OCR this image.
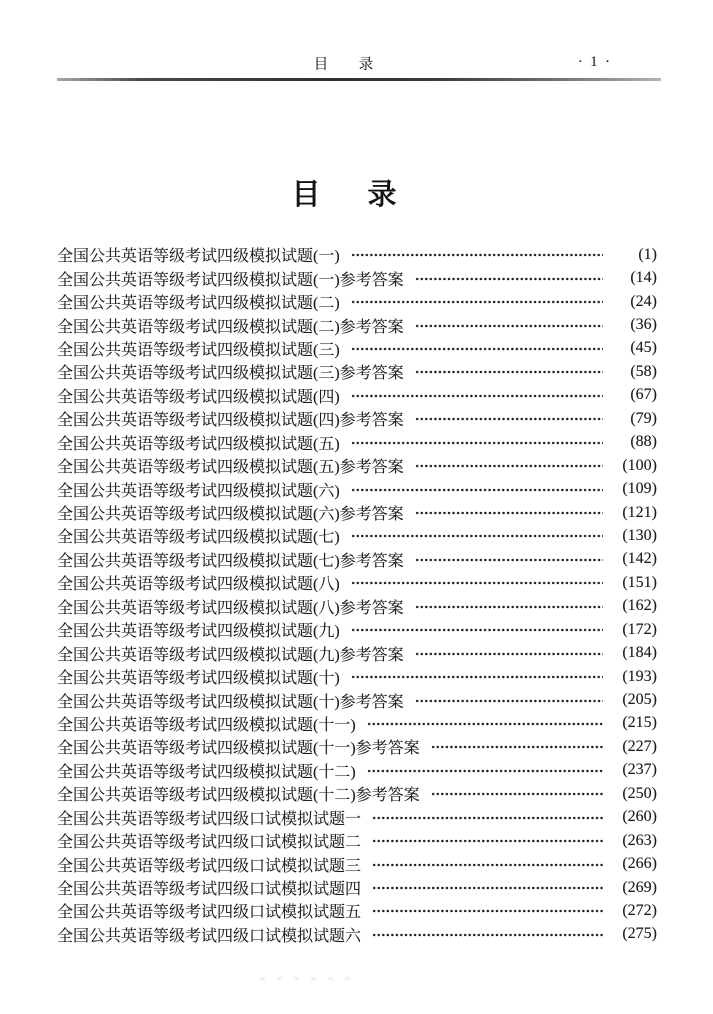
目　录	· 1 ·
目　录
全国公共英语等级考试四级模拟试题(一)	(1)
全国公共英语等级考试四级模拟试题(一)参考答案	(14)
全国公共英语等级考试四级模拟试题(二)	(24)
全国公共英语等级考试四级模拟试题(二)参考答案	(36)
全国公共英语等级考试四级模拟试题(三)	(45)
全国公共英语等级考试四级模拟试题(三)参考答案	(58)
全国公共英语等级考试四级模拟试题(四)	(67)
全国公共英语等级考试四级模拟试题(四)参考答案	(79)
全国公共英语等级考试四级模拟试题(五)	(88)
全国公共英语等级考试四级模拟试题(五)参考答案	(100)
全国公共英语等级考试四级模拟试题(六)	(109)
全国公共英语等级考试四级模拟试题(六)参考答案	(121)
全国公共英语等级考试四级模拟试题(七)	(130)
全国公共英语等级考试四级模拟试题(七)参考答案	(142)
全国公共英语等级考试四级模拟试题(八)	(151)
全国公共英语等级考试四级模拟试题(八)参考答案	(162)
全国公共英语等级考试四级模拟试题(九)	(172)
全国公共英语等级考试四级模拟试题(九)参考答案	(184)
全国公共英语等级考试四级模拟试题(十)	(193)
全国公共英语等级考试四级模拟试题(十)参考答案	(205)
全国公共英语等级考试四级模拟试题(十一)	(215)
全国公共英语等级考试四级模拟试题(十一)参考答案	(227)
全国公共英语等级考试四级模拟试题(十二)	(237)
全国公共英语等级考试四级模拟试题(十二)参考答案	(250)
全国公共英语等级考试四级口试模拟试题一	(260)
全国公共英语等级考试四级口试模拟试题二	(263)
全国公共英语等级考试四级口试模拟试题三	(266)
全国公共英语等级考试四级口试模拟试题四	(269)
全国公共英语等级考试四级口试模拟试题五	(272)
全国公共英语等级考试四级口试模拟试题六	(275)
